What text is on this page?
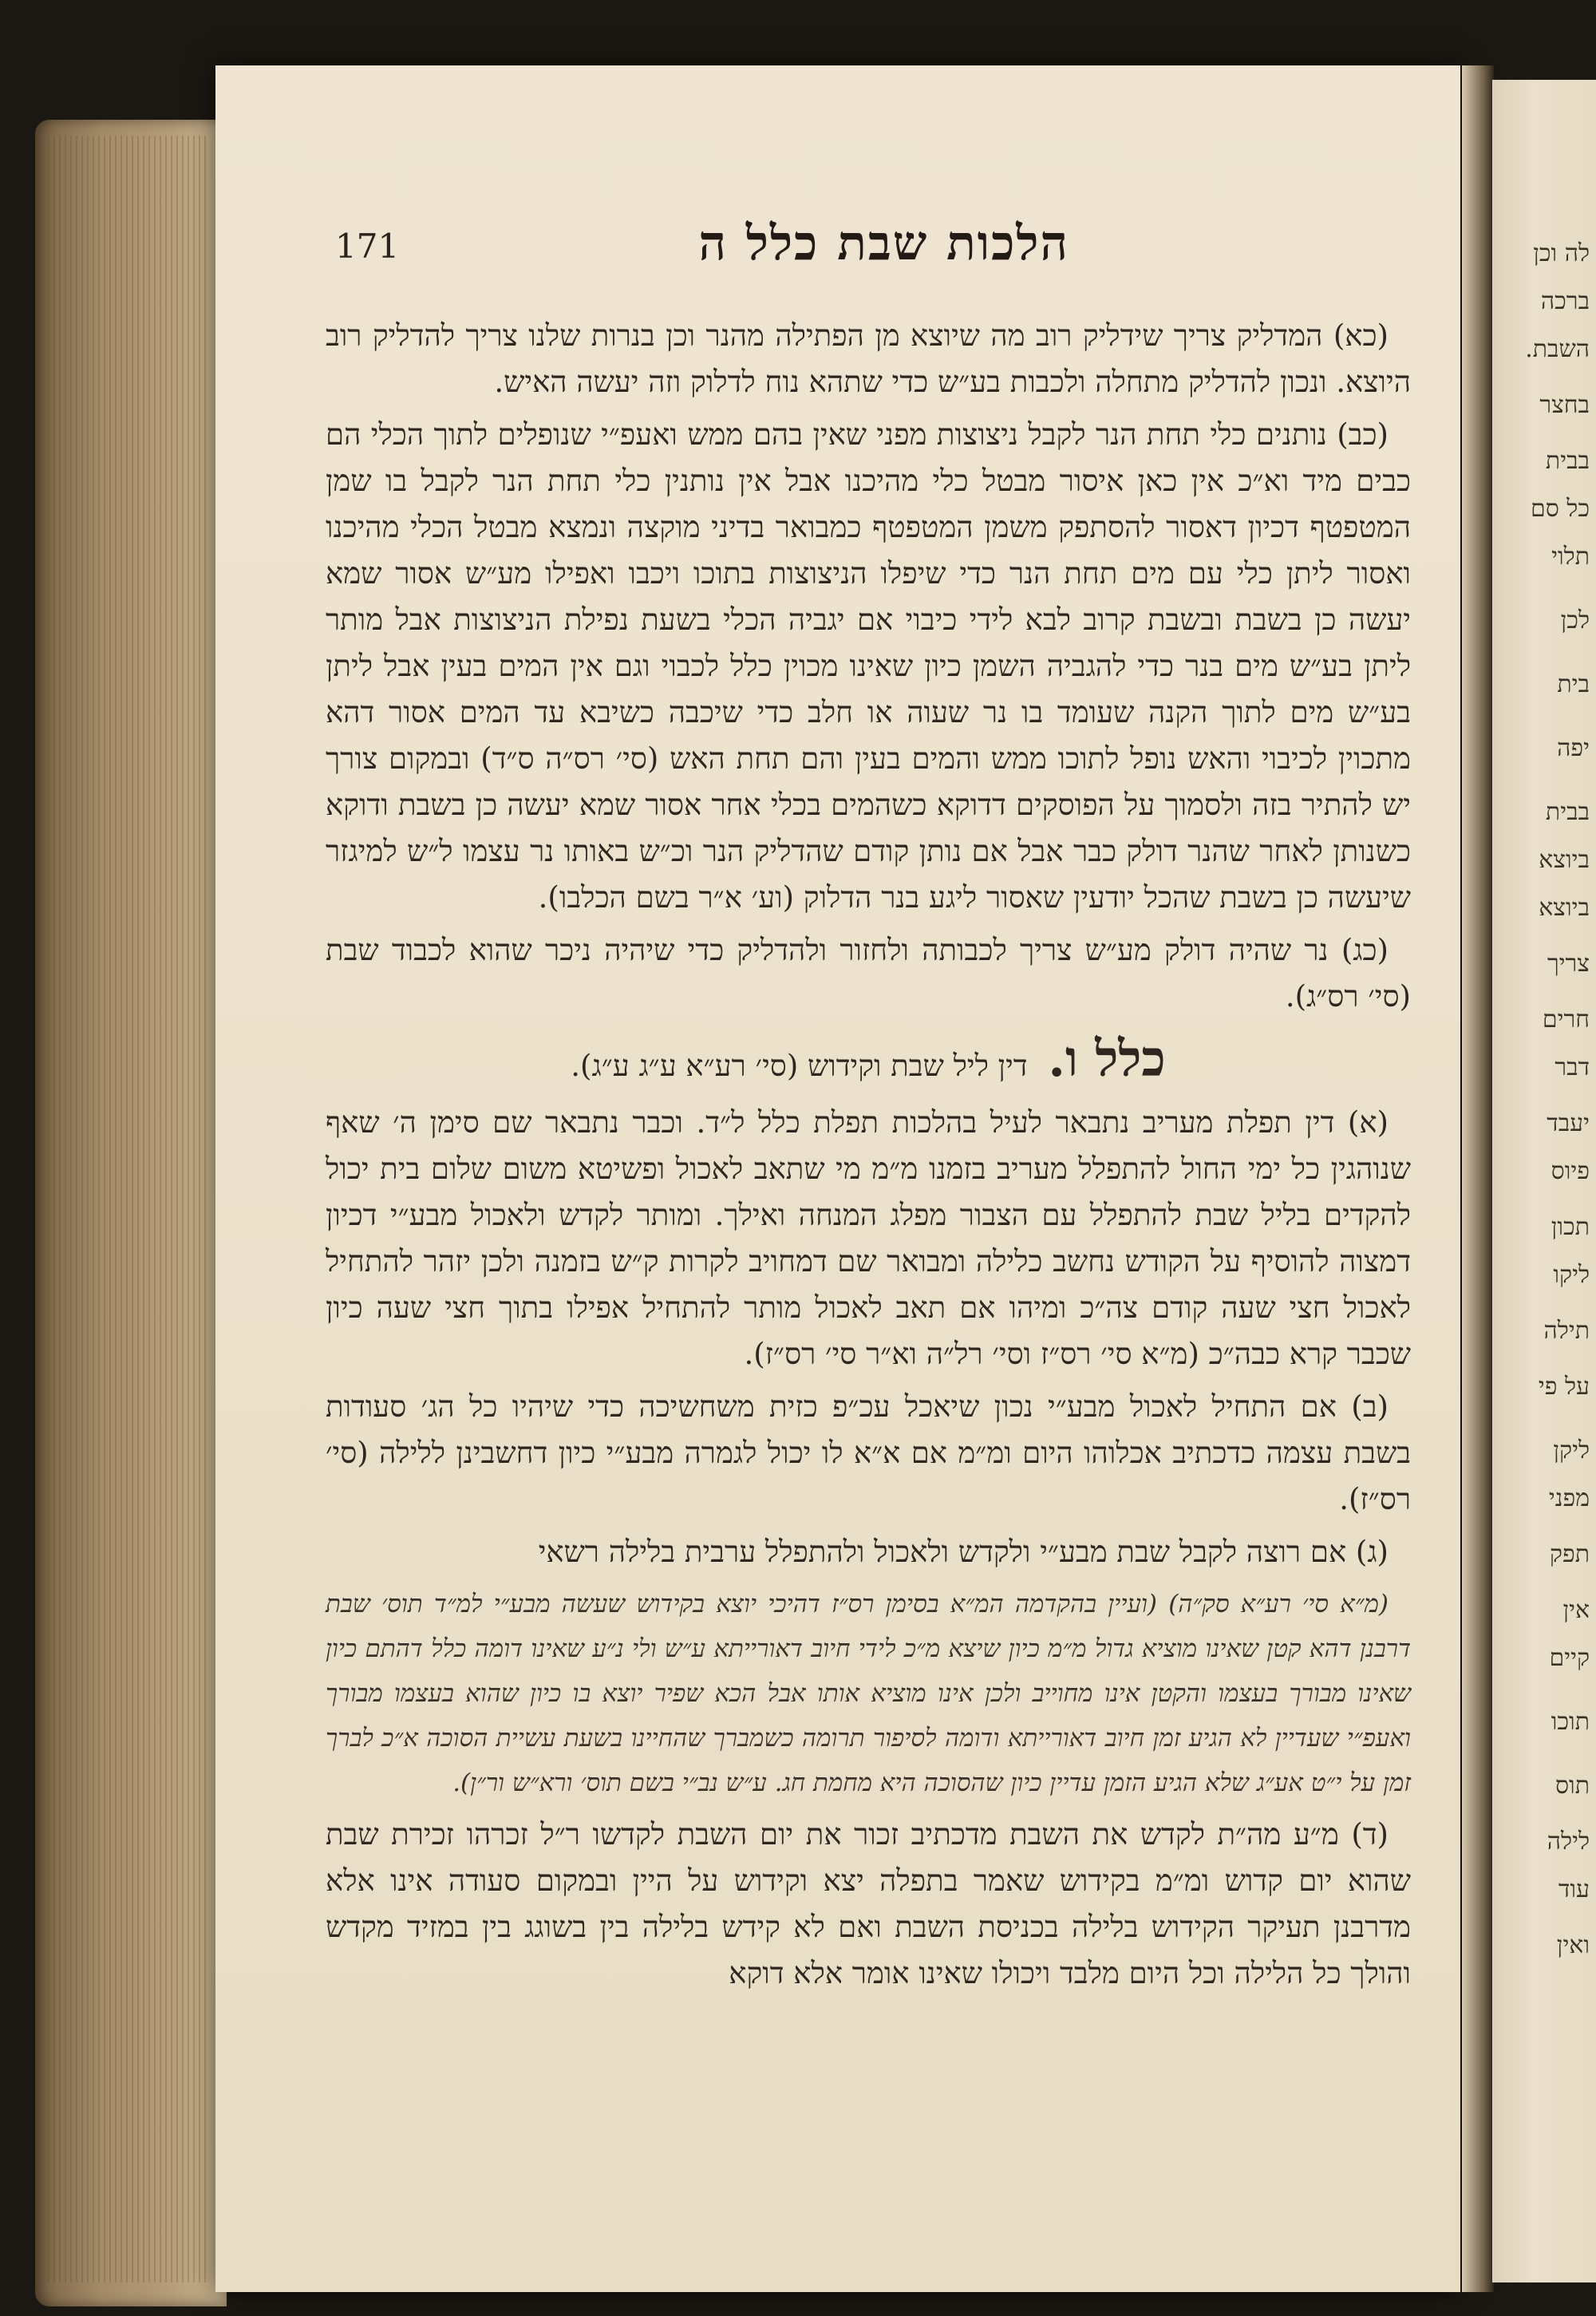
לה וכן
ברכה
השבת.
בחצר
בבית
כל סם
תלוי
לכן
בית
יפה
בבית
ביוצא
ביוצא
צריך
חרים
דבר
יעבד
פיוס
תכון
ליקו
תילה
על פי
ליקן
מפני
תפק
אין
קיים
תוכו
תוס
לילה
עוד
ואין
171	הלכות שבת כלל ה

(כא) המדליק צריך שידליק רוב מה שיוצא מן הפתילה מהנר וכן בנרות שלנו צריך להדליק רוב היוצא. ונכון להדליק מתחלה ולכבות בע״ש כדי שתהא נוח לדלוק וזה יעשה האיש.

(כב) נותנים כלי תחת הנר לקבל ניצוצות מפני שאין בהם ממש ואעפ״י שנופלים לתוך הכלי הם כבים מיד וא״כ אין כאן איסור מבטל כלי מהיכנו אבל אין נותנין כלי תחת הנר לקבל בו שמן המטפטף דכיון דאסור להסתפק משמן המטפטף כמבואר בדיני מוקצה ונמצא מבטל הכלי מהיכנו ואסור ליתן כלי עם מים תחת הנר כדי שיפלו הניצוצות בתוכו ויכבו ואפילו מע״ש אסור שמא יעשה כן בשבת ובשבת קרוב לבא לידי כיבוי אם יגביה הכלי בשעת נפילת הניצוצות אבל מותר ליתן בע״ש מים בנר כדי להגביה השמן כיון שאינו מכוין כלל לכבוי וגם אין המים בעין אבל ליתן בע״ש מים לתוך הקנה שעומד בו נר שעוה או חלב כדי שיכבה כשיבא עד המים אסור דהא מתכוין לכיבוי והאש נופל לתוכו ממש והמים בעין והם תחת האש (סי׳ רס״ה ס״ד) ובמקום צורך יש להתיר בזה ולסמוך על הפוסקים דדוקא כשהמים בכלי אחר אסור שמא יעשה כן בשבת ודוקא כשנותן לאחר שהנר דולק כבר אבל אם נותן קודם שהדליק הנר וכ״ש באותו נר עצמו ל״ש למיגזר שיעשה כן בשבת שהכל יודעין שאסור ליגע בנר הדלוק (וע׳ א״ר בשם הכלבו).

(כג) נר שהיה דולק מע״ש צריך לכבותה ולחזור ולהדליק כדי שיהיה ניכר שהוא לכבוד שבת (סי׳ רס״ג).

כלל ו. דין ליל שבת וקידוש (סי׳ רע״א ע״ג ע״ג).

(א) דין תפלת מעריב נתבאר לעיל בהלכות תפלת כלל ל״ד. וכבר נתבאר שם סימן ה׳ שאף שנוהגין כל ימי החול להתפלל מעריב בזמנו מ״מ מי שתאב לאכול ופשיטא משום שלום בית יכול להקדים בליל שבת להתפלל עם הצבור מפלג המנחה ואילך. ומותר לקדש ולאכול מבע״י דכיון דמצוה להוסיף על הקודש נחשב כלילה ומבואר שם דמחויב לקרות ק״ש בזמנה ולכן יזהר להתחיל לאכול חצי שעה קודם צה״כ ומיהו אם תאב לאכול מותר להתחיל אפילו בתוך חצי שעה כיון שכבר קרא כבה״כ (מ״א סי׳ רס״ז וסי׳ רל״ה וא״ר סי׳ רס״ז).

(ב) אם התחיל לאכול מבע״י נכון שיאכל עכ״פ כזית משחשיכה כדי שיהיו כל הג׳ סעודות בשבת עצמה כדכתיב אכלוהו היום ומ״מ אם א״א לו יכול לגמרה מבע״י כיון דחשבינן ללילה (סי׳ רס״ז).

(ג) אם רוצה לקבל שבת מבע״י ולקדש ולאכול ולהתפלל ערבית בלילה רשאי

(מ״א סי׳ רע״א סק״ה) (ועיין בהקדמה המ״א בסימן רס״ז דהיכי יוצא בקידוש שעשה מבע״י למ״ד תוס׳ שבת דרבנן דהא קטן שאינו מוציא גדול מ״מ כיון שיצא מ״כ לידי חיוב דאורייתא ע״ש ולי נ״ע שאינו דומה כלל דהתם כיון שאינו מבורך בעצמו והקטן אינו מחוייב ולכן אינו מוציא אותו אבל הכא שפיר יוצא בו כיון שהוא בעצמו מבורך ואעפ״י שעדיין לא הגיע זמן חיוב דאורייתא ודומה לסיפור תרומה כשמברך שהחיינו בשעת עשיית הסוכה א״כ לברך זמן על י״ט אע״ג שלא הגיע הזמן עדיין כיון שהסוכה היא מחמת חג. ע״ש נב״י בשם תוס׳ ורא״ש ור״ן).

(ד) מ״ע מה״ת לקדש את השבת מדכתיב זכור את יום השבת לקדשו ר״ל זכרהו זכירת שבת שהוא יום קדוש ומ״מ בקידוש שאמר בתפלה יצא וקידוש על היין ובמקום סעודה אינו אלא מדרבנן תעיקר הקידוש בלילה בכניסת השבת ואם לא קידש בלילה בין בשוגג בין במזיד מקדש והולך כל הלילה וכל היום מלבד ויכולו שאינו אומר אלא דוקא
